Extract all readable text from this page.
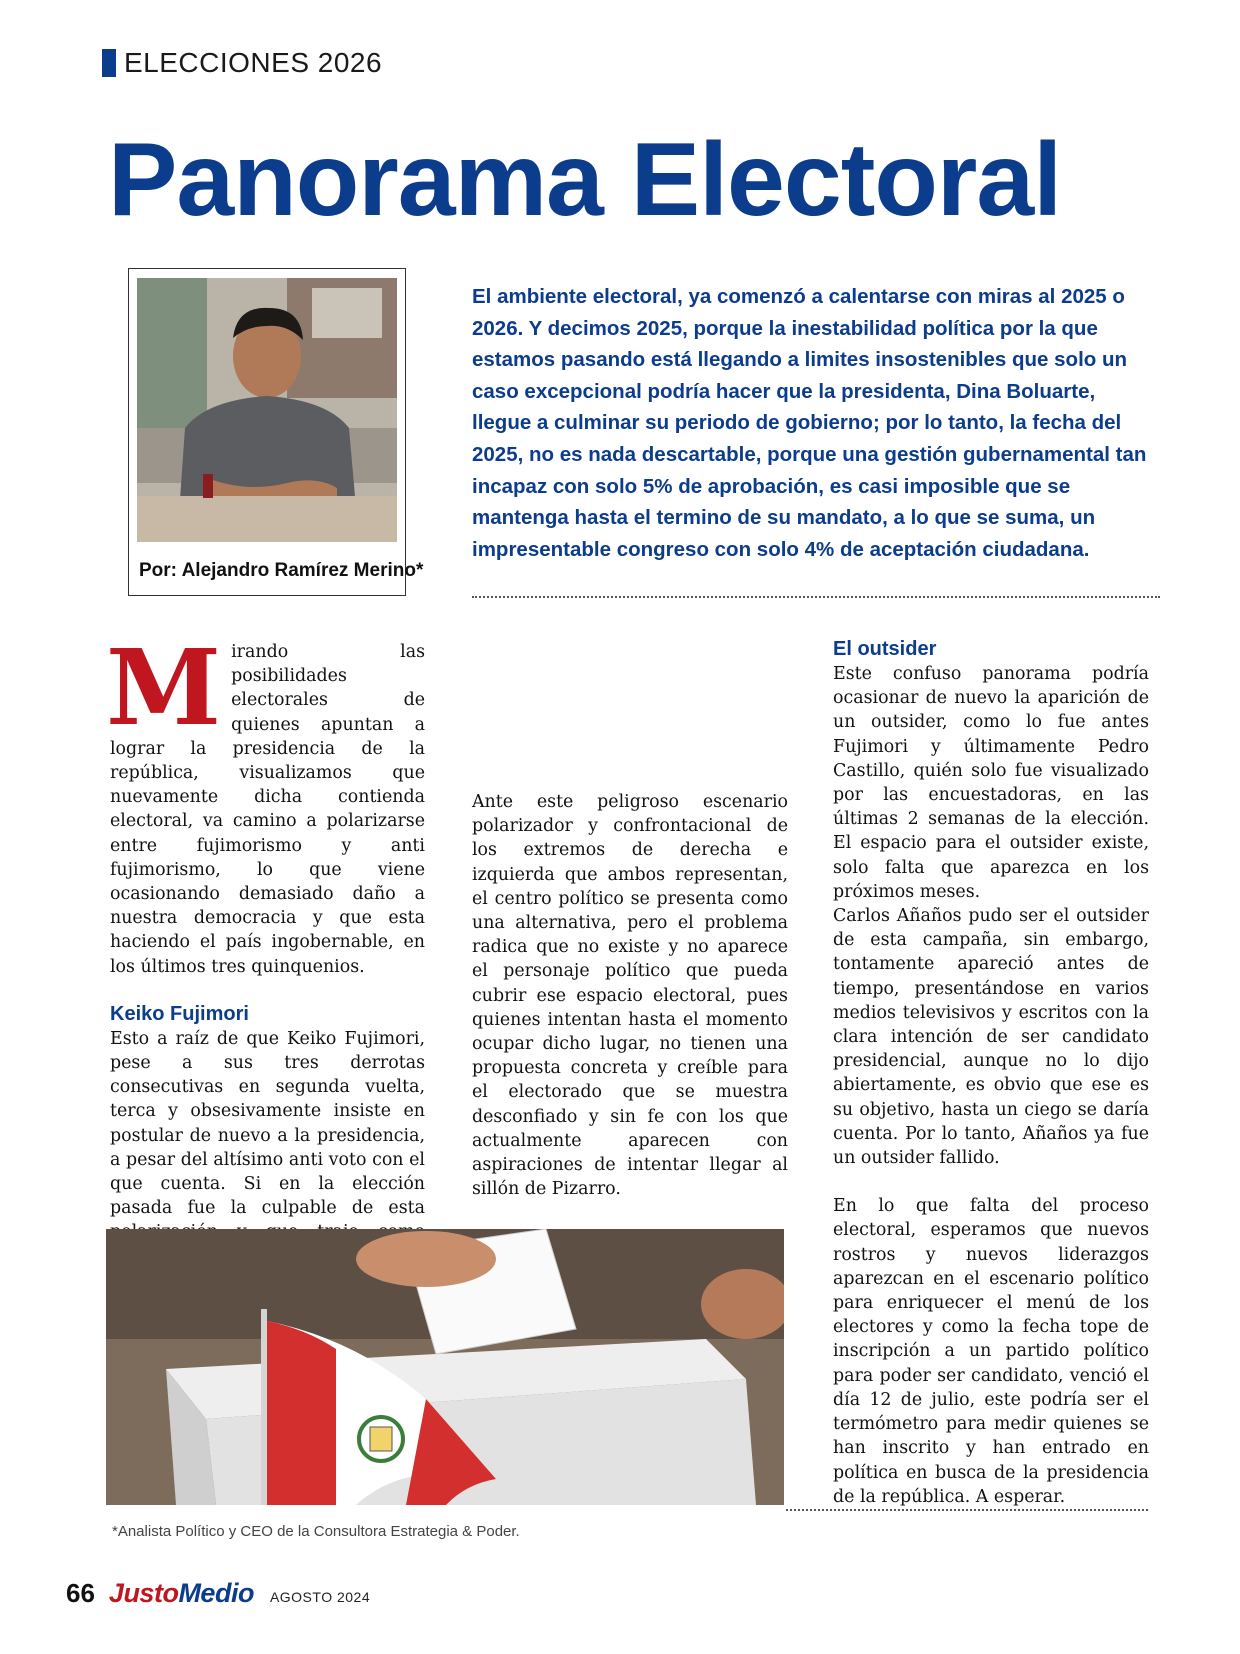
ELECCIONES 2026
Panorama Electoral
Por: Alejandro Ramírez Merino*

El ambiente electoral, ya comenzó a calentarse con miras al 2025 o 2026. Y decimos 2025, porque la inestabilidad política por la que estamos pasando está llegando a limites insostenibles que solo un caso excepcional podría hacer que la presidenta, Dina Boluarte, llegue a culminar su periodo de gobierno; por lo tanto, la fecha del 2025, no es nada descartable, porque una gestión gubernamental tan incapaz con solo 5% de aprobación, es casi imposible que se mantenga hasta el termino de su mandato, a lo que se suma, un impresentable congreso con solo 4% de aceptación ciudadana.

M irando las posibilidades electorales de quienes apuntan a lograr la presidencia de la república, visualizamos que nuevamente dicha contienda electoral, va camino a polarizarse entre fujimorismo y anti fujimorismo, lo que viene ocasionando demasiado daño a nuestra democracia y que esta haciendo el país ingobernable, en los últimos tres quinquenios.

Keiko Fujimori

Esto a raíz de que Keiko Fujimori, pese a sus tres derrotas consecutivas en segunda vuelta, terca y obsesivamente insiste en postular de nuevo a la presidencia, a pesar del altísimo anti voto con el que cuenta. Si en la elección pasada fue la culpable de esta

Ante este peligroso escenario polarizador y confrontacional de los extremos de derecha e izquierda que ambos representan, el centro político se presenta como una alternativa, pero el problema radica que no existe y no aparece el personaje político que pueda cubrir ese espacio electoral, pues quienes intentan hasta el momento ocupar dicho lugar, no tienen una propuesta concreta y creíble para el electorado que se muestra desconfiado y sin fe con los que actualmente aparecen con aspiraciones de intentar llegar al sillón de Pizarro.

El outsider

Este confuso panorama podría ocasionar de nuevo la aparición de un outsider, como lo fue antes Fujimori y últimamente Pedro Castillo, quién solo fue visualizado por las encuestadoras, en las últimas 2 semanas de la elección. El espacio para el outsider existe, solo falta que aparezca en los próximos meses.

Carlos Añaños pudo ser el outsider de esta campaña, sin embargo, tontamente apareció antes de tiempo, presentándose en varios medios televisivos y escritos con la clara intención de ser candidato presidencial, aunque no lo dijo abiertamente, es obvio que ese es su objetivo, hasta un ciego se daría cuenta. Por lo tanto, Añaños ya fue un outsider fallido.

En lo que falta del proceso electoral, esperamos que nuevos rostros y nuevos liderazgos aparezcan en el escenario político para enriquecer el menú de los electores y como la fecha tope de inscripción a un partido político para poder ser candidato, venció el día 12 de julio, este podría ser el termómetro para medir quienes se han inscrito y han entrado en política en busca de la presidencia de la república. A esperar.

*Analista Político y CEO de la Consultora Estrategia & Poder.
66 JustoMedio AGOSTO 2024
